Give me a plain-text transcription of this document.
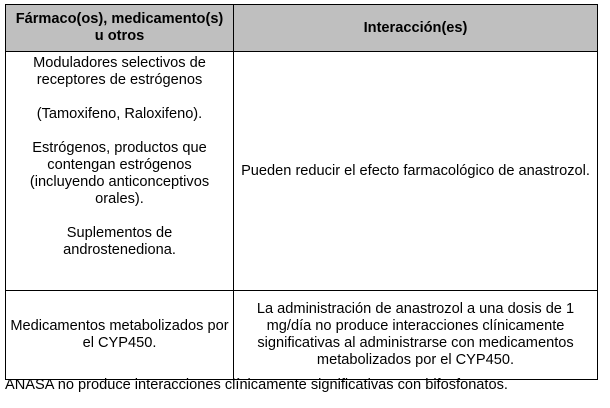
Fármaco(os), medicamento(s) u otros	Interacción(es)

Moduladores selectivos de receptores de estrógenos

(Tamoxifeno, Raloxifeno).

Estrógenos, productos que contengan estrógenos (incluyendo anticonceptivos orales).

Suplementos de androstenediona.	Pueden reducir el efecto farmacológico de anastrozol.

Medicamentos metabolizados por el CYP450.	La administración de anastrozol a una dosis de 1 mg/día no produce interacciones clínicamente significativas al administrarse con medicamentos metabolizados por el CYP450.

ANASA no produce interacciones clínicamente significativas con bifosfonatos.
